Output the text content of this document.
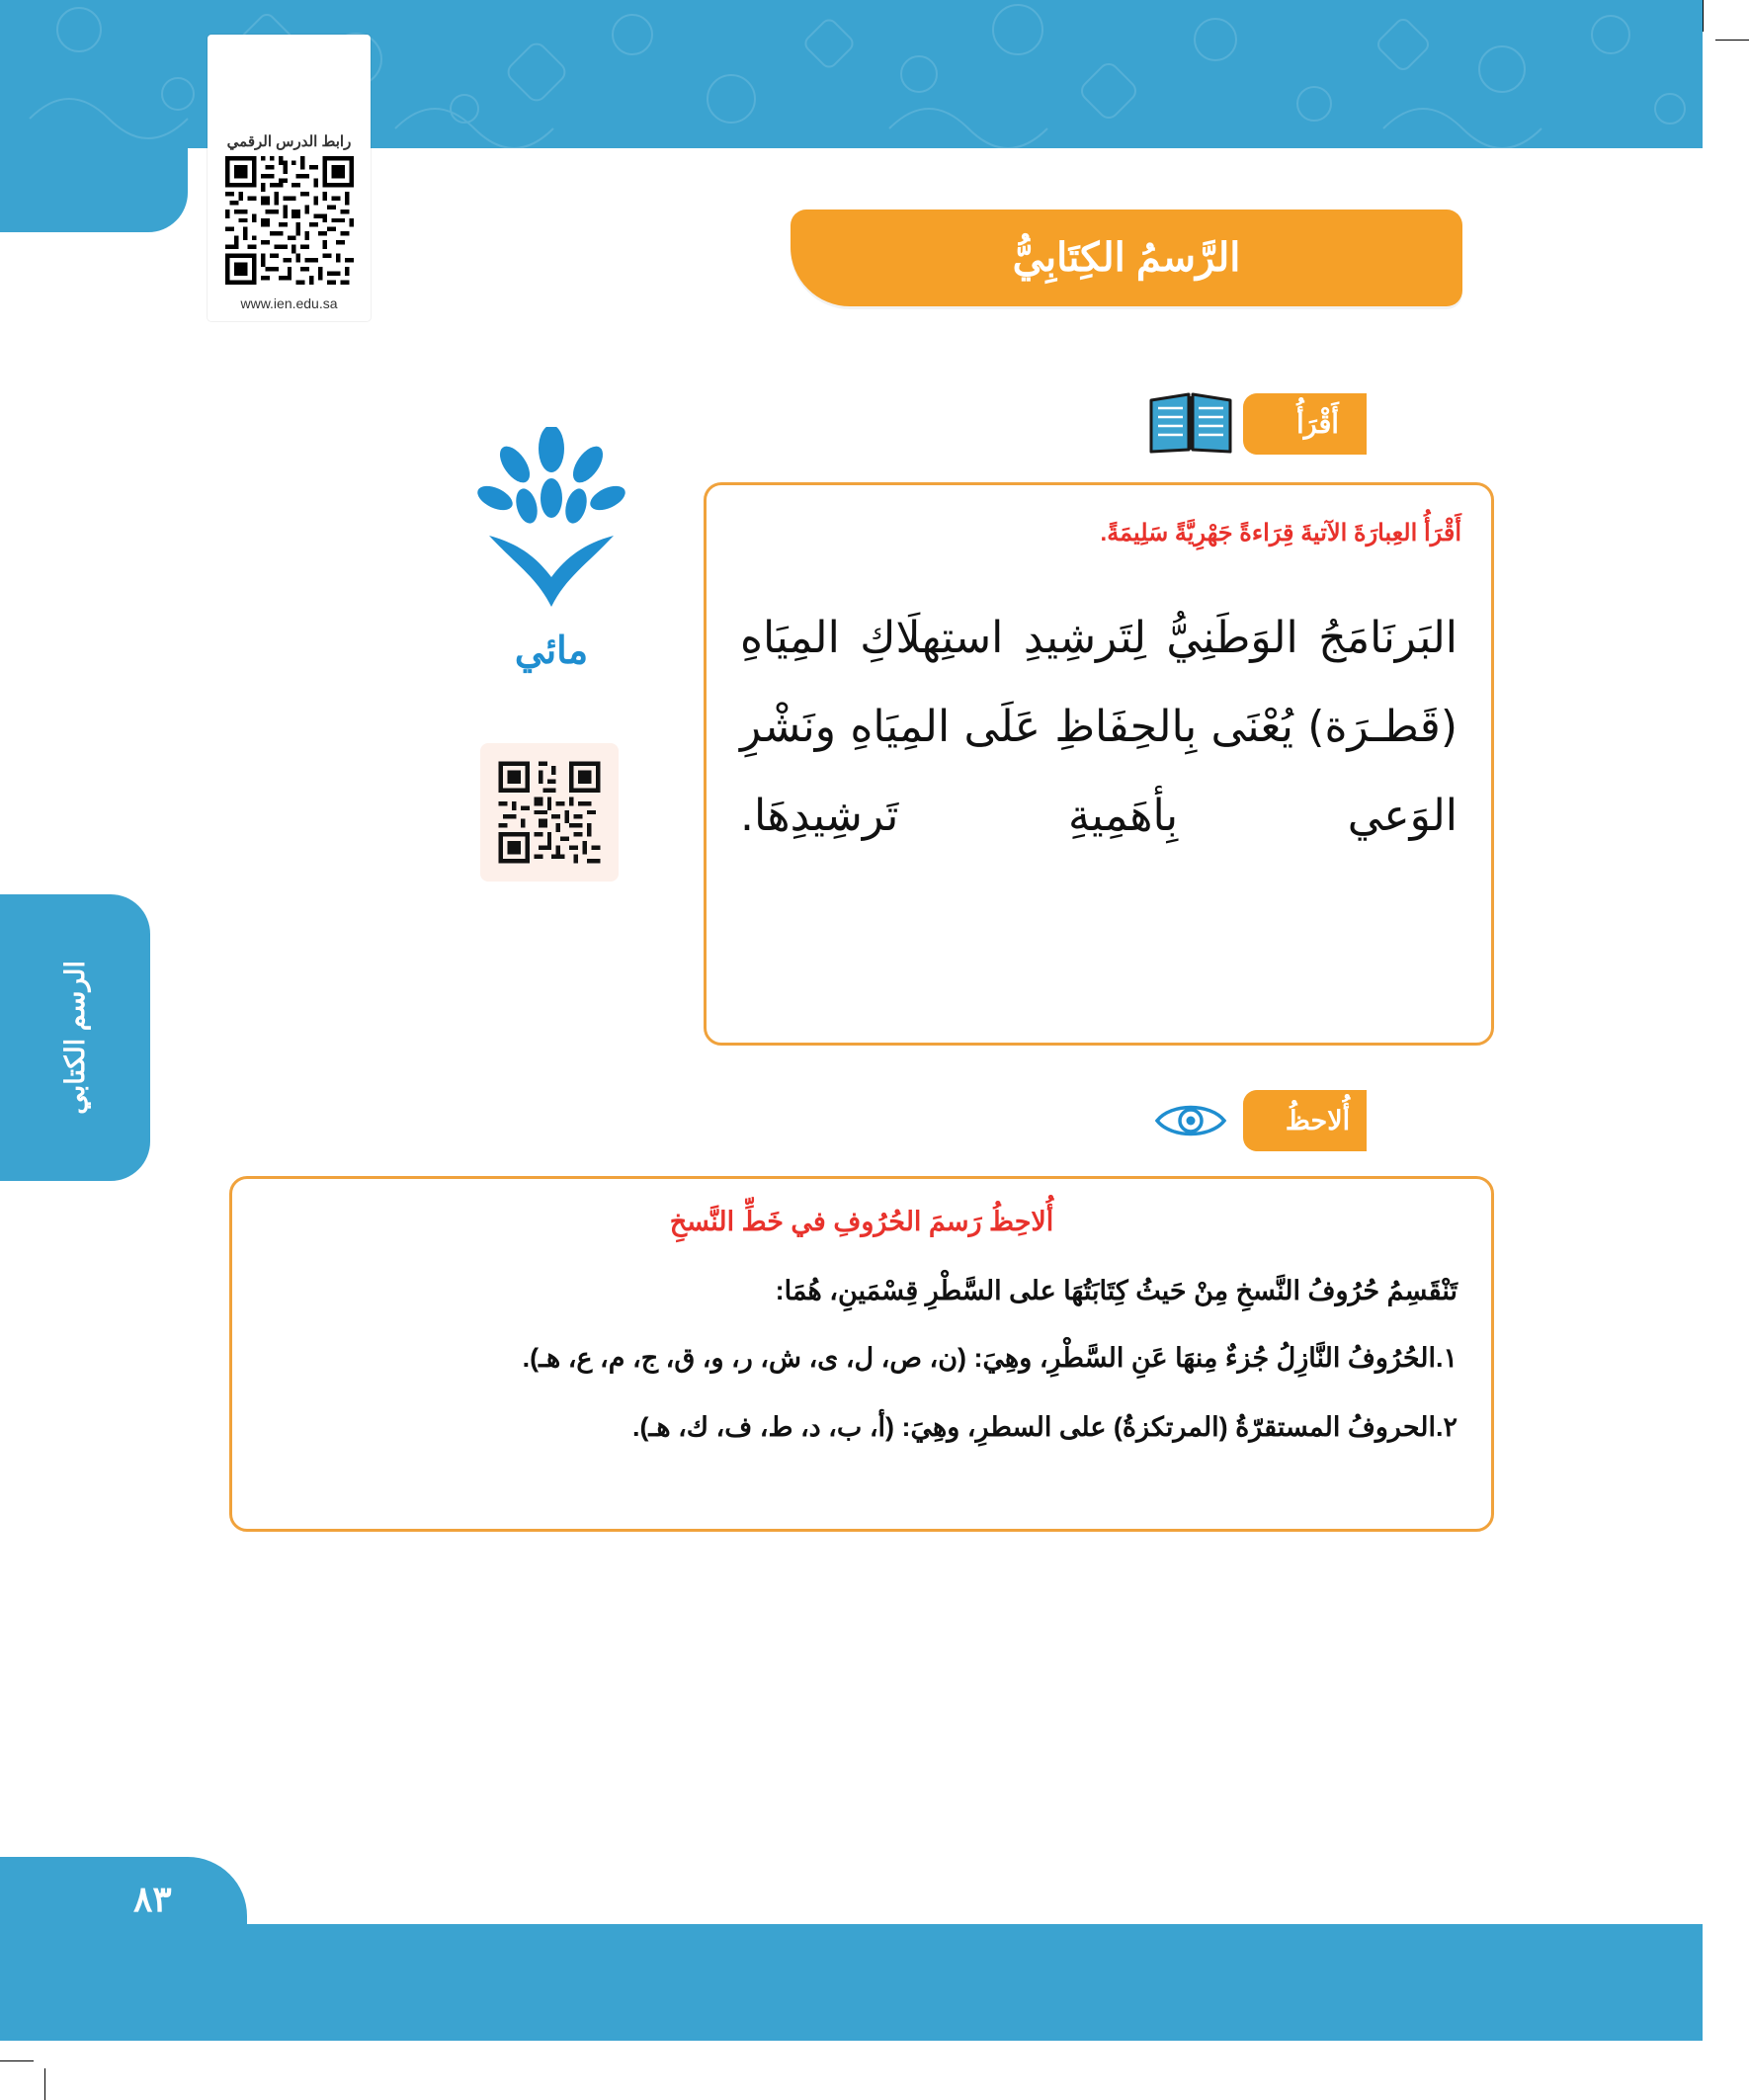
رابط الدرس الرقمي
www.ien.edu.sa
الرَّسمُ الكِتَابِيُّ
أَقْرَأُ
أَقْرَأُ العِبارَةَ الآتيةَ قِرَاءةً جَهْرِيَّةً سَلِيمَةً.
البَرنَامَجُ الوَطَنِيُّ لِتَرشِيدِ استِهلَاكِ المِيَاهِ (قَطـرَة) يُعْنَى بِالحِفَاظِ عَلَى المِيَاهِ ونَشْرِ الوَعي بِأهَمِيةِ تَرشِيدِهَا.
مائي
أُلاحظُ
أُلاحِظُ رَسمَ الحُرُوفِ في خَطِّ النَّسخِ
تَنْقَسِمُ حُرُوفُ النَّسخِ مِنْ حَيثُ كِتَابَتُهَا على السَّطْرِ قِسْمَينِ، هُمَا:
١.الحُرُوفُ النَّازِلُ جُزءٌ مِنهَا عَنِ السَّطْرِ، وهِيَ: (ن، ص، ل، ى، ش، ر، و، ق، ج، م، ع، هـ).
٢.الحروفُ المستقرّةُ (المرتكزةُ) على السطرِ، وهِيَ: (أ، ب، د، ط، ف، ك، هـ).
الرسم الكتابي
٨٣
